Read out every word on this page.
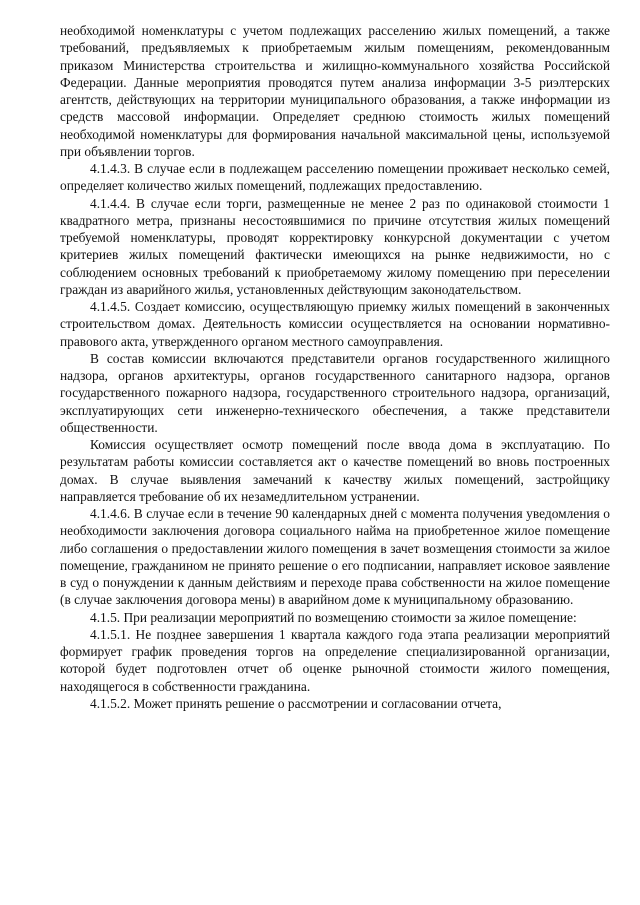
необходимой номенклатуры с учетом подлежащих расселению жилых помещений, а также требований, предъявляемых к приобретаемым жилым помещениям, рекомендованным приказом Министерства строительства и жилищно-коммунального хозяйства Российской Федерации. Данные мероприятия проводятся путем анализа информации 3-5 риэлтерских агентств, действующих на территории муниципального образования, а также информации из средств массовой информации. Определяет среднюю стоимость жилых помещений необходимой номенклатуры для формирования начальной максимальной цены, используемой при объявлении торгов.

4.1.4.3. В случае если в подлежащем расселению помещении проживает несколько семей, определяет количество жилых помещений, подлежащих предоставлению.

4.1.4.4. В случае если торги, размещенные не менее 2 раз по одинаковой стоимости 1 квадратного метра, признаны несостоявшимися по причине отсутствия жилых помещений требуемой номенклатуры, проводят корректировку конкурсной документации с учетом критериев жилых помещений фактически имеющихся на рынке недвижимости, но с соблюдением основных требований к приобретаемому жилому помещению при переселении граждан из аварийного жилья, установленных действующим законодательством.

4.1.4.5. Создает комиссию, осуществляющую приемку жилых помещений в законченных строительством домах. Деятельность комиссии осуществляется на основании нормативно-правового акта, утвержденного органом местного самоуправления.

В состав комиссии включаются представители органов государственного жилищного надзора, органов архитектуры, органов государственного санитарного надзора, органов государственного пожарного надзора, государственного строительного надзора, организаций, эксплуатирующих сети инженерно-технического обеспечения, а также представители общественности.

Комиссия осуществляет осмотр помещений после ввода дома в эксплуатацию. По результатам работы комиссии составляется акт о качестве помещений во вновь построенных домах. В случае выявления замечаний к качеству жилых помещений, застройщику направляется требование об их незамедлительном устранении.

4.1.4.6. В случае если в течение 90 календарных дней с момента получения уведомления о необходимости заключения договора социального найма на приобретенное жилое помещение либо соглашения о предоставлении жилого помещения в зачет возмещения стоимости за жилое помещение, гражданином не принято решение о его подписании, направляет исковое заявление в суд о понуждении к данным действиям и переходе права собственности на жилое помещение (в случае заключения договора мены) в аварийном доме к муниципальному образованию.

4.1.5. При реализации мероприятий по возмещению стоимости за жилое помещение:

4.1.5.1. Не позднее завершения 1 квартала каждого года этапа реализации мероприятий формирует график проведения торгов на определение специализированной организации, которой будет подготовлен отчет об оценке рыночной стоимости жилого помещения, находящегося в собственности гражданина.

4.1.5.2. Может принять решение о рассмотрении и согласовании отчета,
